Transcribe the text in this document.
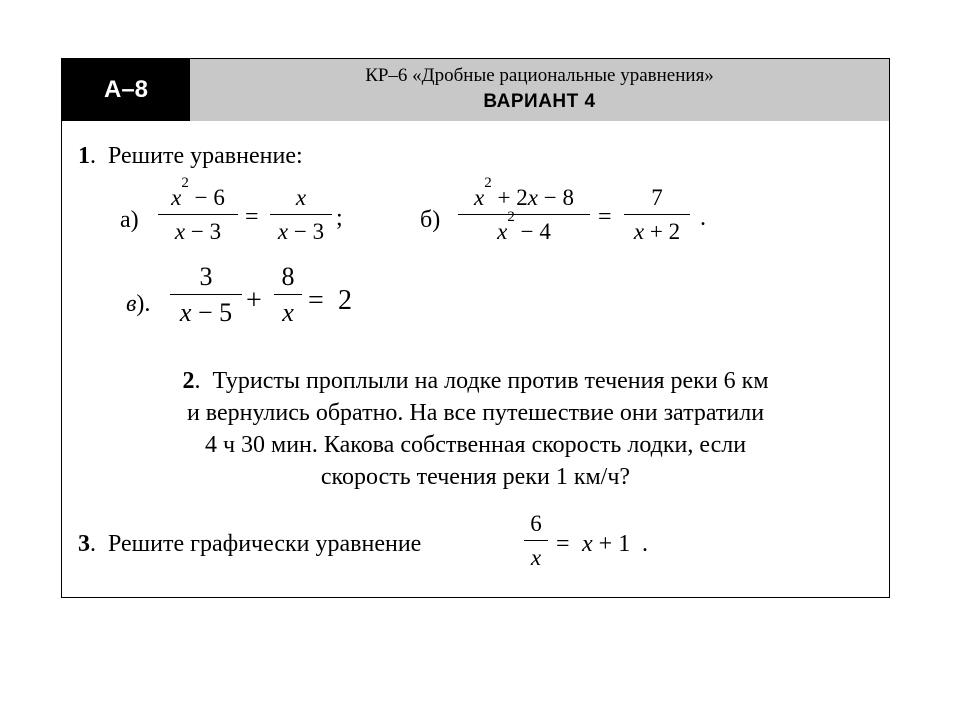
А–8
КР–6 «Дробные рациональные уравнения»
ВАРИАНТ 4
1.  Решите уравнение:
а)
$x^2 - 6$
x − 3
=
x
x − 3
;	б)
$x^2 + 2x - 8$
$x^2 - 4$
=
7
x + 2
.
в).
3
x − 5 +
8
x = 2
2.  Туристы проплыли на лодке против течения реки 6 км
и вернулись обратно. На все путешествие они затратили
4 ч 30 мин. Какова собственная скорость лодки, если
скорость течения реки 1 км/ч?
3.  Решите графически уравнение
6
x
= x + 1 .
